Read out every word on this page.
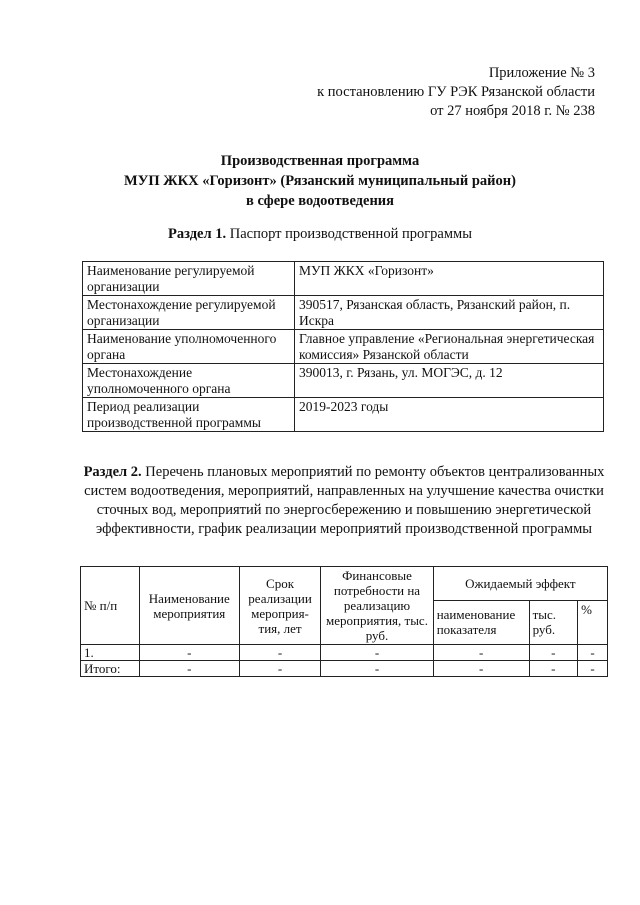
Приложение № 3
к постановлению ГУ РЭК Рязанской области
от 27 ноября 2018 г. № 238
Производственная программа
МУП ЖКХ «Горизонт» (Рязанский муниципальный район)
в сфере водоотведения
Раздел 1. Паспорт производственной программы
Наименование регулируемой организации	МУП ЖКХ «Горизонт»
Местонахождение регулируемой организации	390517, Рязанская область, Рязанский район, п. Искра
Наименование уполномоченного органа	Главное управление «Региональная энергетическая комиссия» Рязанской области
Местонахождение уполномоченного органа	390013, г. Рязань, ул. МОГЭС, д. 12
Период реализации производственной программы	2019-2023 годы
Раздел 2. Перечень плановых мероприятий по ремонту объектов централизованных систем водоотведения, мероприятий, направленных на улучшение качества очистки сточных вод, мероприятий по энергосбережению и повышению энергетической эффективности, график реализации мероприятий производственной программы
№ п/п	Наименование мероприятия	Срок реализации мероприя-тия, лет	Финансовые потребности на реализацию мероприятия, тыс. руб.	Ожидаемый эффект		
				наименование показателя	тыс. руб.	%
1.	-	-	-	-	-	-
Итого:	-	-	-	-	-	-
